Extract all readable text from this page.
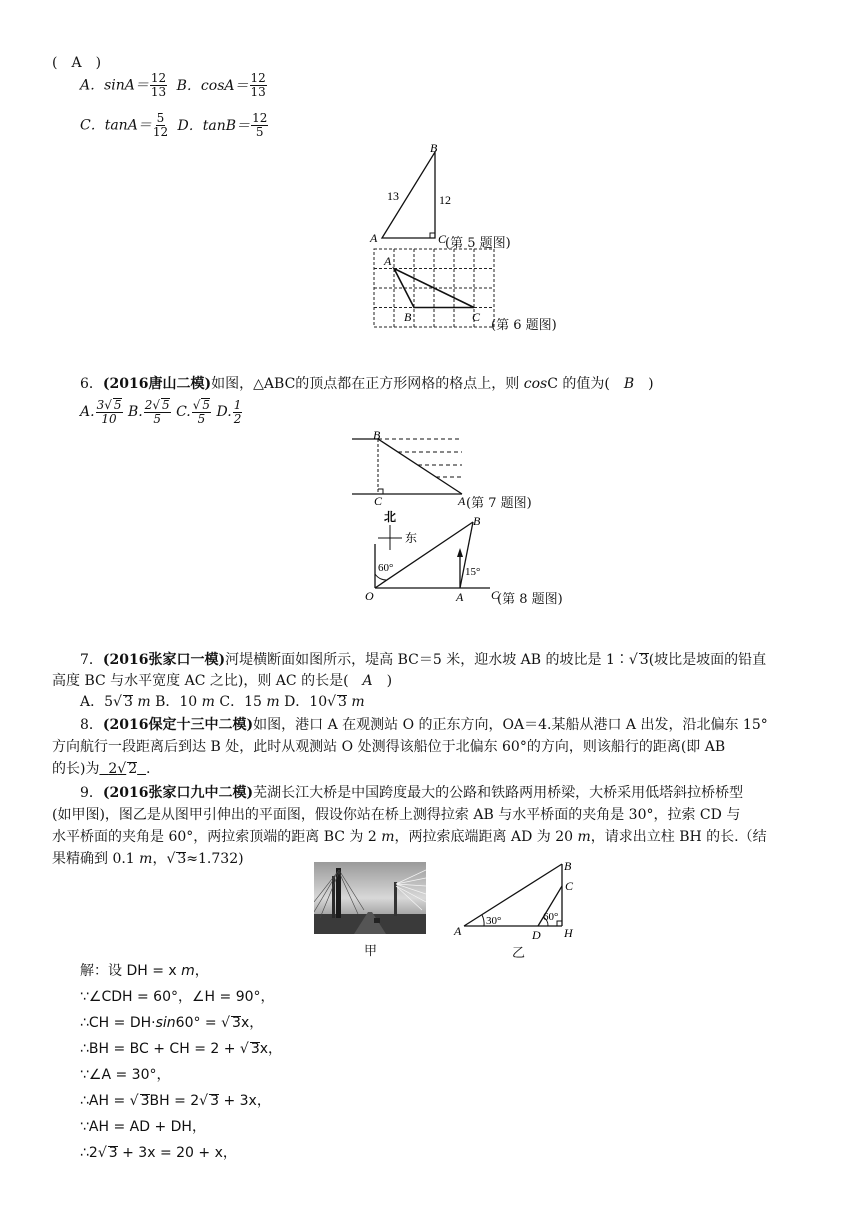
(　A　)
A．$\sin A= \frac{12}{13}$ B．$\cos A= \frac{12}{13}$
C．$\tan A= \frac{5}{12}$ D．$\tan B= \frac{12}{5}$
B
A	C
13	12
(第 5 题图)
A
B	C
(第 6 题图)
6．(2016唐山二模)如图，△ABC的顶点都在正方形网格的格点上，则 cosC 的值为(　B　)
A. $\frac{3√ 5}{10} B$. $\frac{2√ 5}{5} C$. $\frac{√ 5}{5} D$. $\frac{1}{2}$
B
C	A (第 7 题图)
北
东
60°	15°
O	A
B
C
(第 8 题图)
7．(2016张家口一模)河堤横断面如图所示，堤高 BC＝5 米，迎水坡 AB 的坡比是 1∶√ 3(坡比是坡面的铅直
高度 BC 与水平宽度 AC 之比)，则 AC 的长是(　A　)
A．5√ 3 m B．10 m C．15 m D．10√ 3 m
8．(2016保定十三中二模)如图，港口 A 在观测站 O 的正东方向，OA＝4.某船从港口 A 出发，沿北偏东 15°
方向航行一段距离后到达 B 处，此时从观测站 O 处测得该船位于北偏东 60°的方向，则该船行的距离(即 AB
的长)为 2√ 2 .
9．(2016张家口九中二模)芜湖长江大桥是中国跨度最大的公路和铁路两用桥梁，大桥采用低塔斜拉桥桥型
(如甲图)，图乙是从图甲引伸出的平面图，假设你站在桥上测得拉索 AB 与水平桥面的夹角是 30°，拉索 CD 与
水平桥面的夹角是 60°，两拉索顶端的距离 BC 为 2 m，两拉索底端距离 AD 为 20 m，请求出立柱 BH 的长.（结
果精确到 0.1 m，√ 3≈1.732)
甲
30°	60°
A
B
C
D H
乙
解：设 DH = x m，
∵∠CDH = 60°，∠H = 90°，
∴CH = DH·sin60° = √ 3x，
∴BH = BC + CH = 2 + √ 3x，
∵∠A = 30°，
∴AH = √ 3BH = 2√ 3 + 3x，
∵AH = AD + DH，
∴2√ 3 + 3x = 20 + x，
